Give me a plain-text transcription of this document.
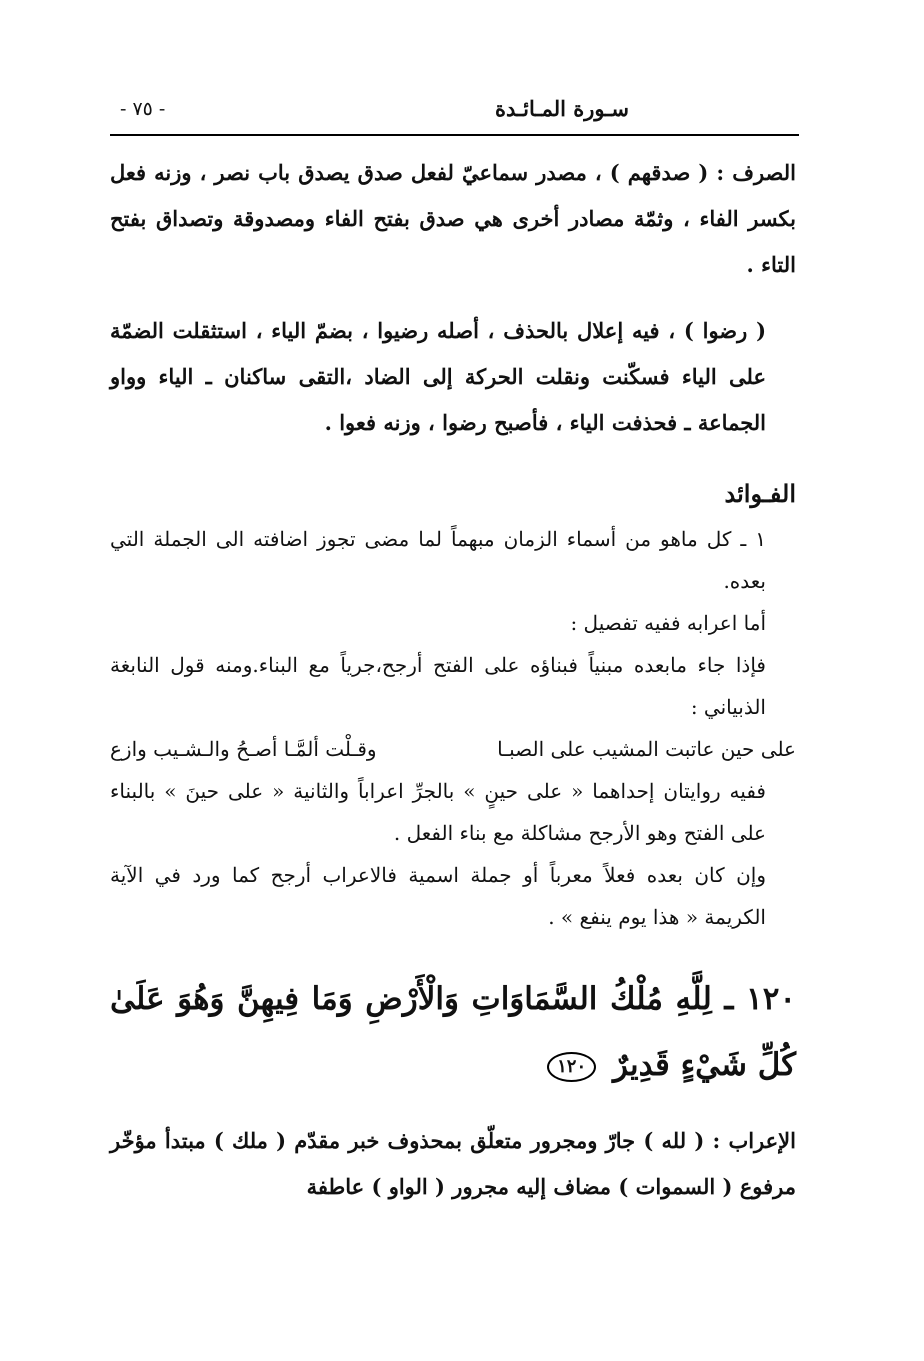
سـورة المـائـدة
- ٧٥ -

الصرف : ( صدقهم ) ، مصدر سماعيّ لفعل صدق يصدق باب نصر ، وزنه فعل بكسر الفاء ، وثمّة مصادر أخرى هي صدق بفتح الفاء ومصدوقة وتصداق بفتح التاء .

( رضوا ) ، فيه إعلال بالحذف ، أصله رضيوا ، بضمّ الياء ، استثقلت الضمّة على الياء فسكّنت ونقلت الحركة إلى الضاد ،التقى ساكنان ـ الياء وواو الجماعة ـ فحذفت الياء ، فأصبح رضوا ، وزنه فعوا .

الفـوائد

١ ـ كل ماهو من أسماء الزمان مبهماً لما مضى تجوز اضافته الى الجملة التي بعده.

أما اعرابه ففيه تفصيل :

فإذا جاء مابعده مبنياً فبناؤه على الفتح أرجح،جرياً مع البناء.ومنه قول النابغة الذبياني :

على حين عاتبت المشيب على الصبـا
وقـلْت ألمَّـا أصـحُ والـشـيب وازع

ففيه روايتان إحداهما « على حينٍ » بالجرِّ اعراباً والثانية « على حينَ » بالبناء على الفتح وهو الأرجح مشاكلة مع بناء الفعل .

وإن كان بعده فعلاً معرباً أو جملة اسمية فالاعراب أرجح كما ورد في الآية الكريمة « هذا يوم ينفع » .

١٢٠ ـ لِلَّهِ مُلْكُ السَّمَاوَاتِ وَالْأَرْضِ وَمَا فِيهِنَّ وَهُوَ عَلَىٰ كُلِّ شَيْءٍ قَدِيرٌ ١٢٠

الإعراب : ( لله ) جارّ ومجرور متعلّق بمحذوف خبر مقدّم ( ملك ) مبتدأ مؤخّر مرفوع ( السموات ) مضاف إليه مجرور ( الواو ) عاطفة
